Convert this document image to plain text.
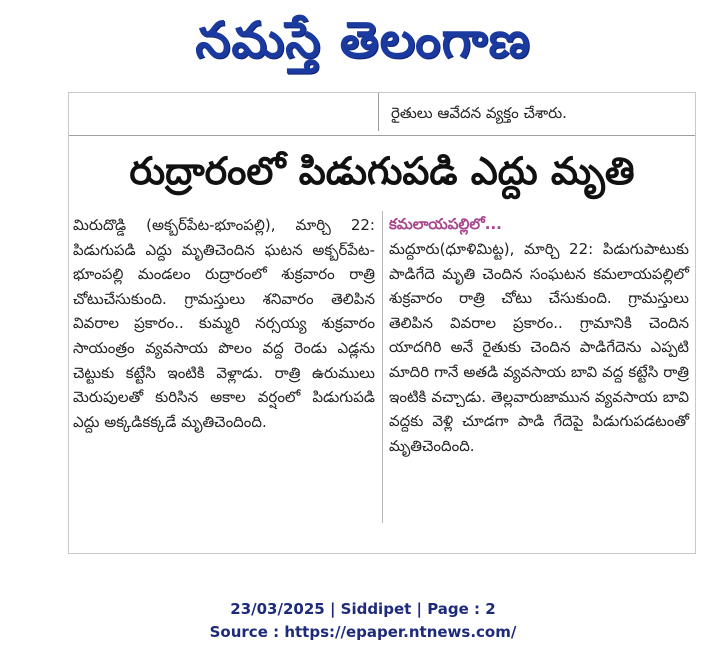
నమస్తే తెలంగాణ
రైతులు ఆవేదన వ్యక్తం చేశారు.
రుద్రారంలో పిడుగుపడి ఎద్దు మృతి

మిరుదొడ్డి (అక్బర్‌పేట-భూంపల్లి), మార్చి 22: పిడుగుపడి ఎద్దు మృతిచెందిన ఘటన అక్బర్‌పేట-భూంపల్లి మండలం రుద్రారంలో శుక్రవారం రాత్రి చోటుచేసుకుంది. గ్రామస్తులు శనివారం తెలిపిన వివరాల ప్రకారం.. కుమ్మరి నర్సయ్య శుక్రవారం సాయంత్రం వ్యవసాయ పొలం వద్ద రెండు ఎడ్లను చెట్టుకు కట్టేసి ఇంటికి వెళ్లాడు. రాత్రి ఉరుములు మెరుపులతో కురిసిన అకాల వర్షంలో పిడుగుపడి ఎద్దు అక్కడికక్కడే మృతిచెందింది.

కమలాయపల్లిలో...

మద్దూరు(ధూళిమిట్ట), మార్చి 22: పిడుగుపాటుకు పాడిగేదె మృతి చెందిన సంఘటన కమలాయపల్లిలో శుక్రవారం రాత్రి చోటు చేసుకుంది. గ్రామస్తులు తెలిపిన వివరాల ప్రకారం.. గ్రామానికి చెందిన యాదగిరి అనే రైతుకు చెందిన పాడిగేదెను ఎప్పటి మాదిరి గానే అతడి వ్యవసాయ బావి వద్ద కట్టేసి రాత్రి ఇంటికి వచ్చాడు. తెల్లవారుజామున వ్యవసాయ బావి వద్దకు వెళ్లి చూడగా పాడి గేదెపై పిడుగుపడటంతో మృతిచెందింది.

23/03/2025 | Siddipet | Page : 2
Source : https://epaper.ntnews.com/
